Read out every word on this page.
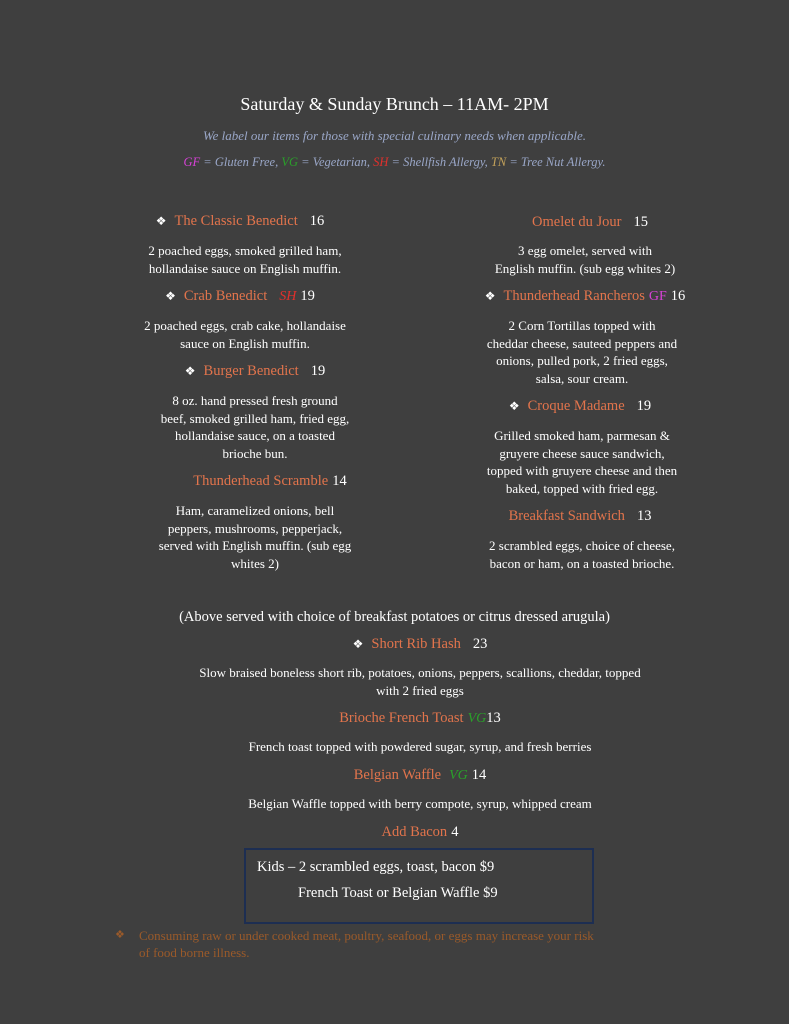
Saturday & Sunday Brunch – 11AM- 2PM
We label our items for those with special culinary needs when applicable.
GF = Gluten Free, VG = Vegetarian, SH = Shellfish Allergy, TN = Tree Nut Allergy.
❖ The Classic Benedict 16
2 poached eggs, smoked grilled ham,
hollandaise sauce on English muffin.
❖ Crab Benedict SH 19
2 poached eggs, crab cake, hollandaise
sauce on English muffin.
❖ Burger Benedict 19
8 oz. hand pressed fresh ground
beef, smoked grilled ham, fried egg,
hollandaise sauce, on a toasted
brioche bun.
Thunderhead Scramble 14
Ham, caramelized onions, bell
peppers, mushrooms, pepperjack,
served with English muffin. (sub egg
whites 2)
Omelet du Jour 15
3 egg omelet, served with
English muffin. (sub egg whites 2)
❖ Thunderhead Rancheros GF 16
2 Corn Tortillas topped with
cheddar cheese, sauteed peppers and
onions, pulled pork, 2 fried eggs,
salsa, sour cream.
❖ Croque Madame 19
Grilled smoked ham, parmesan &
gruyere cheese sauce sandwich,
topped with gruyere cheese and then
baked, topped with fried egg.
Breakfast Sandwich 13
2 scrambled eggs, choice of cheese,
bacon or ham, on a toasted brioche.
(Above served with choice of breakfast potatoes or citrus dressed arugula)
❖ Short Rib Hash 23
Slow braised boneless short rib, potatoes, onions, peppers, scallions, cheddar, topped
with 2 fried eggs
Brioche French Toast VG13
French toast topped with powdered sugar, syrup, and fresh berries
Belgian Waffle VG 14
Belgian Waffle topped with berry compote, syrup, whipped cream
Add Bacon 4
Kids – 2 scrambled eggs, toast, bacon $9
French Toast or Belgian Waffle $9
❖ Consuming raw or under cooked meat, poultry, seafood, or eggs may increase your risk
of food borne illness.
